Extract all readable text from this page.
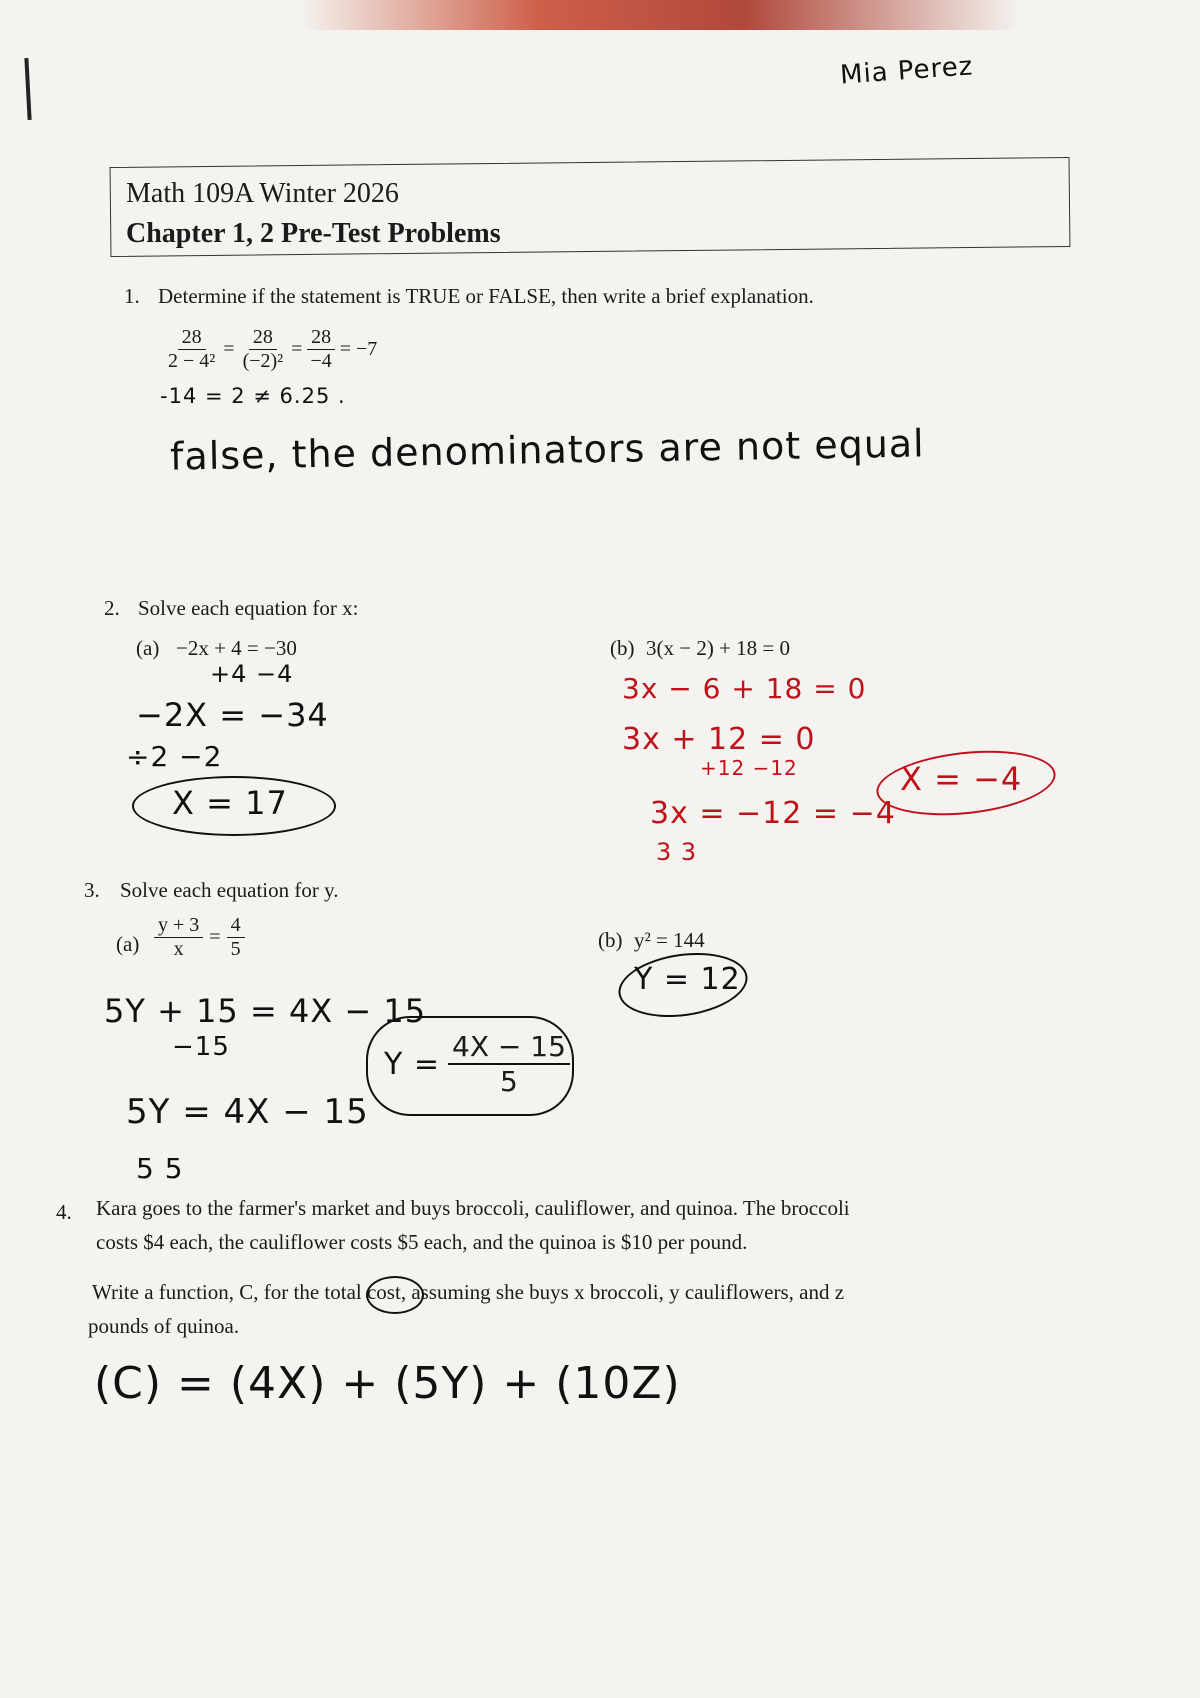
Mia Perez
Math 109A Winter 2026
Chapter 1, 2 Pre-Test Problems
1. Determine if the statement is TRUE or FALSE, then write a brief explanation.
$\frac{28}{\text{2 − 4²}} = \frac{28}{\text{(−2)²}} = \frac{28}{-4} = -7$
-14 = 2 ≠ 6.25 .
false, the denominators are not equal
2. Solve each equation for x:
(a) −2x + 4 = −30
+4 −4
−2X = −34
÷2 −2
X = 17
(b) 3(x − 2) + 18 = 0
3x − 6 + 18 = 0
3x + 12 = 0
+12 −12
3x = −12 = −4
3 3
X = −4
3. Solve each equation for y.
$(a) \frac{y + 3}{x} = \frac{4}{5}$
5Y + 15 = 4X − 15
−15
5Y = 4X − 15
5 5
$Y = \frac{4X - 15}{5}$
(b) y² = 144
Y = 12
4. Kara goes to the farmer's market and buys broccoli, cauliflower, and quinoa. The broccoli
costs $4 each, the cauliflower costs $5 each, and the quinoa is $10 per pound.
Write a function, C, for the total cost, assuming she buys x broccoli, y cauliflowers, and z
pounds of quinoa.
(C) = (4X) + (5Y) + (10Z)
